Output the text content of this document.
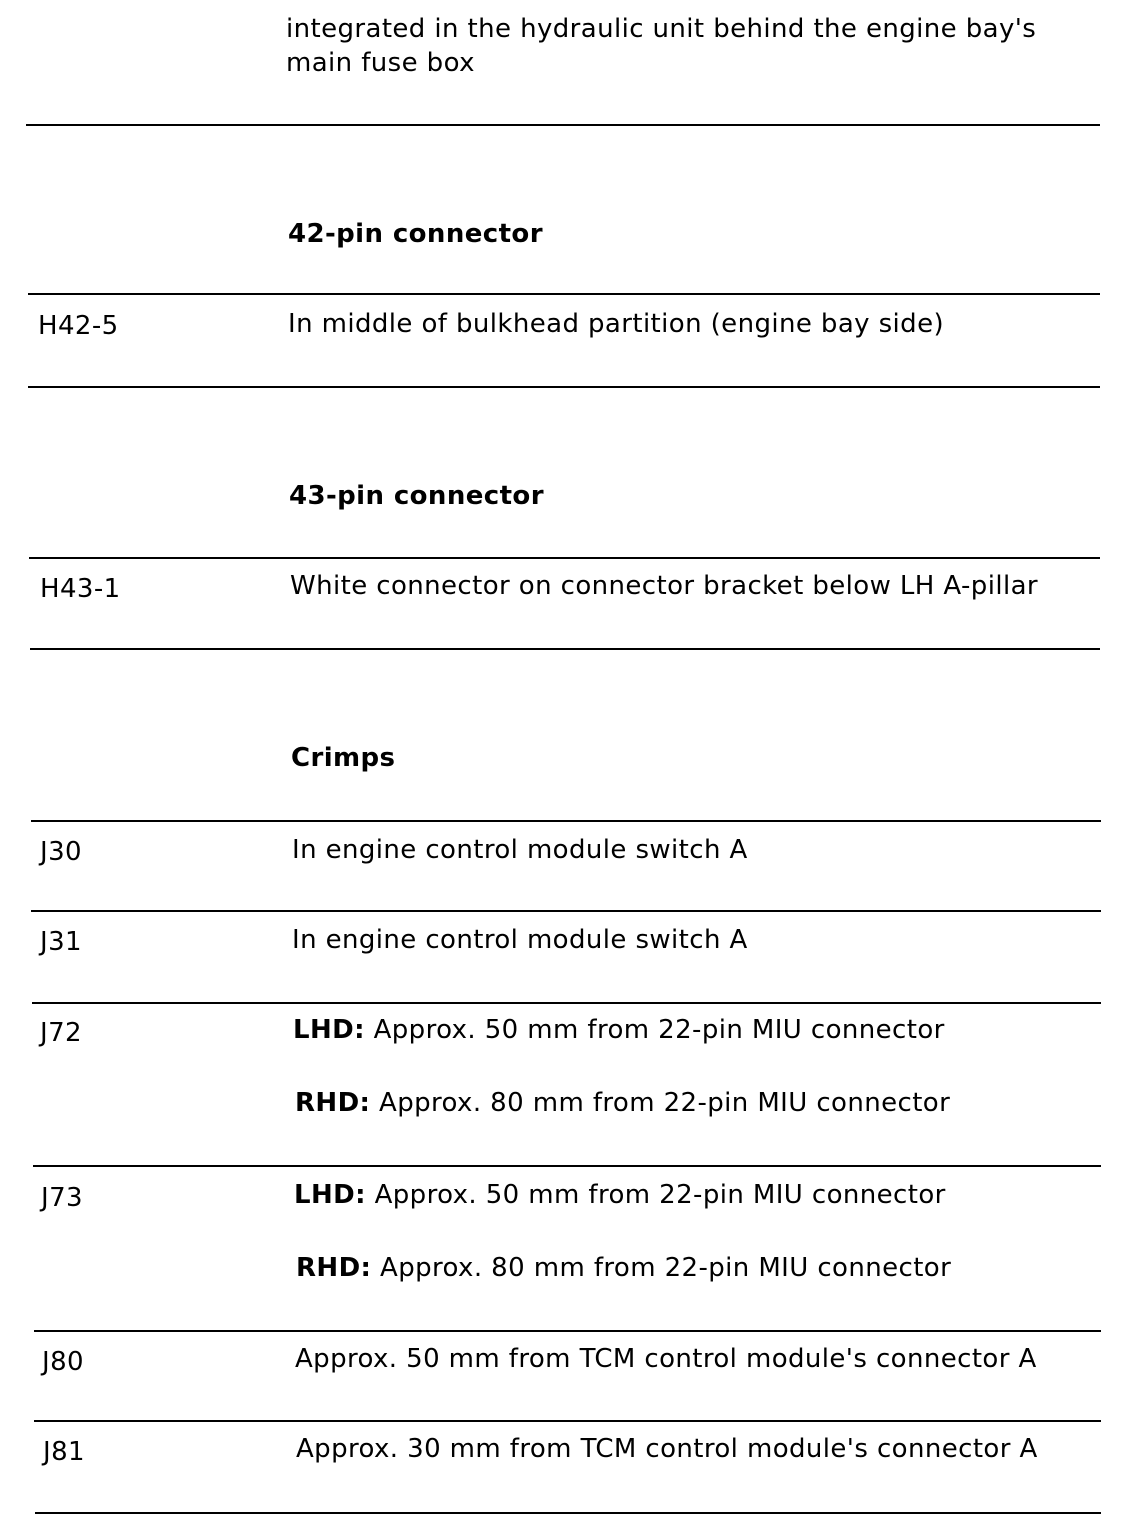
integrated in the hydraulic unit behind the engine bay's
main fuse box
42-pin connector
H42-5	In middle of bulkhead partition (engine bay side)
43-pin connector
H43-1	White connector on connector bracket below LH A-pillar
Crimps
J30	In engine control module switch A
J31	In engine control module switch A
J72	LHD: Approx. 50 mm from 22-pin MIU connector
RHD: Approx. 80 mm from 22-pin MIU connector
J73	LHD: Approx. 50 mm from 22-pin MIU connector
RHD: Approx. 80 mm from 22-pin MIU connector
J80	Approx. 50 mm from TCM control module's connector A
J81	Approx. 30 mm from TCM control module's connector A
